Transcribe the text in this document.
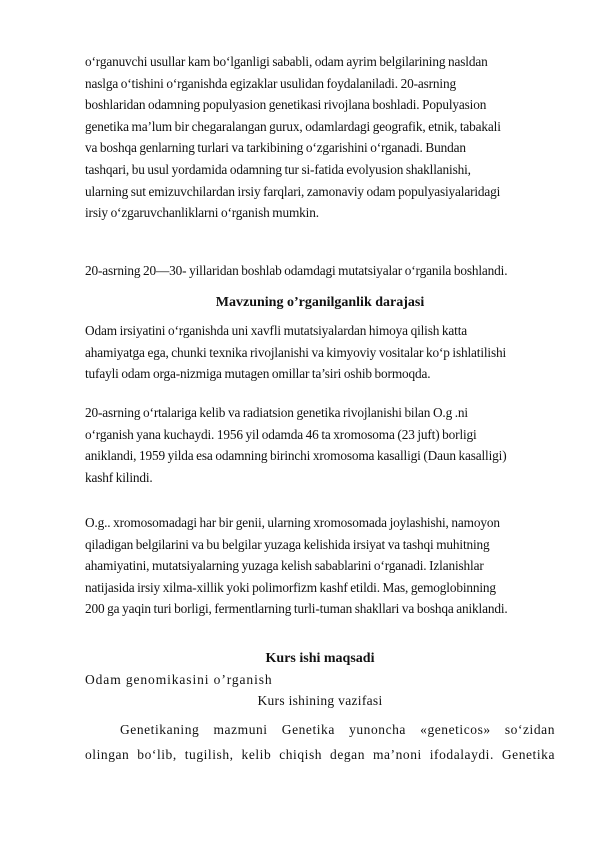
o‘rganuvchi usullar kam bo‘lganligi sababli, odam ayrim belgilarining nasldan
naslga o‘tishini o‘rganishda egizaklar usulidan foydalaniladi. 20-asrning
boshlaridan odamning populyasion genetikasi rivojlana boshladi. Populyasion
genetika ma’lum bir chegaralangan gurux, odamlardagi geografik, etnik, tabakali
va boshqa genlarning turlari va tarkibining o‘zgarishini o‘rganadi. Bundan
tashqari, bu usul yordamida odamning tur si-fatida evolyusion shakllanishi,
ularning sut emizuvchilardan irsiy farqlari, zamonaviy odam populyasiyalaridagi
irsiy o‘zgaruvchanliklarni o‘rganish mumkin.

20-asrning 20—30- yillaridan boshlab odamdagi mutatsiyalar o‘rganila boshlandi.

Mavzuning o’rganilganlik darajasi

Odam irsiyatini o‘rganishda uni xavfli mutatsiyalardan himoya qilish katta
ahamiyatga ega, chunki texnika rivojlanishi va kimyoviy vositalar ko‘p ishlatilishi
tufayli odam orga-nizmiga mutagen omillar ta’siri oshib bormoqda.

20-asrning o‘rtalariga kelib va radiatsion genetika rivojlanishi bilan O.g .ni
o‘rganish yana kuchaydi. 1956 yil odamda 46 ta xromosoma (23 juft) borligi
aniklandi, 1959 yilda esa odamning birinchi xromosoma kasalligi (Daun kasalligi)
kashf kilindi.

O.g.. xromosomadagi har bir genii, ularning xromosomada joylashishi, namoyon
qiladigan belgilarini va bu belgilar yuzaga kelishida irsiyat va tashqi muhitning
ahamiyatini, mutatsiyalarning yuzaga kelish sabablarini o‘rganadi. Izlanishlar
natijasida irsiy xilma-xillik yoki polimorfizm kashf etildi. Mas, gemoglobinning
200 ga yaqin turi borligi, fermentlarning turli-tuman shakllari va boshqa aniklandi.

Kurs ishi maqsadi

Odam genomikasini o’rganish

Kurs ishining vazifasi

Genetikaning mazmuni Genetika yunoncha «geneticos» so‘zidan
olingan bo‘lib, tugilish, kelib chiqish degan ma’noni ifodalaydi. Genetika
